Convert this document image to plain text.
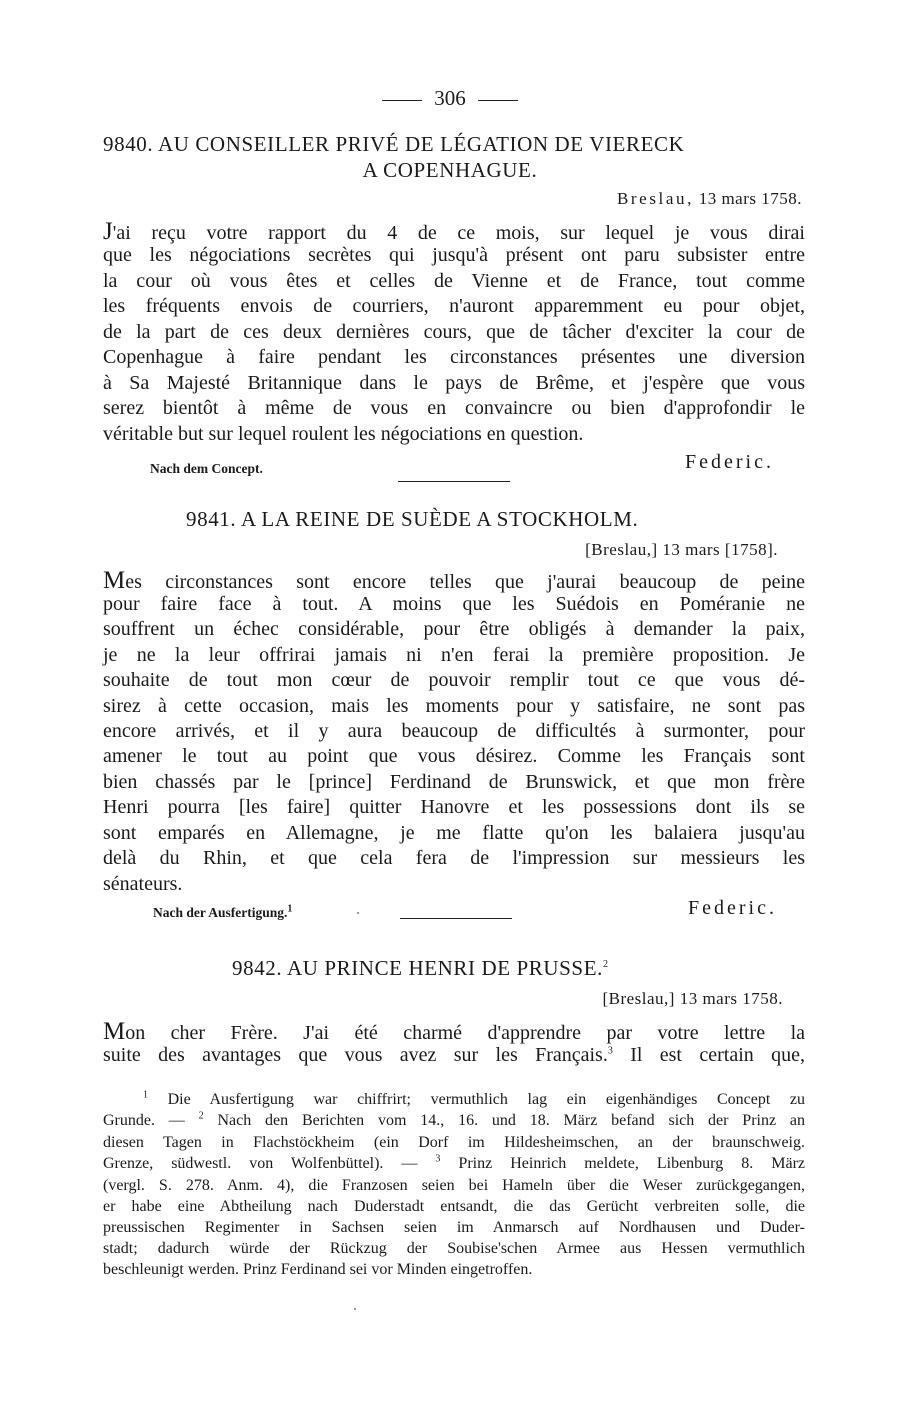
306
9840. AU CONSEILLER PRIVÉ DE LÉGATION DE VIERECK
A COPENHAGUE.
Breslau, 13 mars 1758.
J'ai reçu votre rapport du 4 de ce mois, sur lequel je vous dirai
que les négociations secrètes qui jusqu'à présent ont paru subsister entre
la cour où vous êtes et celles de Vienne et de France, tout comme
les fréquents envois de courriers, n'auront apparemment eu pour objet,
de la part de ces deux dernières cours, que de tâcher d'exciter la cour de
Copenhague à faire pendant les circonstances présentes une diversion
à Sa Majesté Britannique dans le pays de Brême, et j'espère que vous
serez bientôt à même de vous en convaincre ou bien d'approfondir le
véritable but sur lequel roulent les négociations en question.
Nach dem Concept.	Federic.
9841. A LA REINE DE SUÈDE A STOCKHOLM.
[Breslau,] 13 mars [1758].
Mes circonstances sont encore telles que j'aurai beaucoup de peine
pour faire face à tout. A moins que les Suédois en Poméranie ne
souffrent un échec considérable, pour être obligés à demander la paix,
je ne la leur offrirai jamais ni n'en ferai la première proposition. Je
souhaite de tout mon cœur de pouvoir remplir tout ce que vous dé-
sirez à cette occasion, mais les moments pour y satisfaire, ne sont pas
encore arrivés, et il y aura beaucoup de difficultés à surmonter, pour
amener le tout au point que vous désirez. Comme les Français sont
bien chassés par le [prince] Ferdinand de Brunswick, et que mon frère
Henri pourra [les faire] quitter Hanovre et les possessions dont ils se
sont emparés en Allemagne, je me flatte qu'on les balaiera jusqu'au
delà du Rhin, et que cela fera de l'impression sur messieurs les
sénateurs.
Nach der Ausfertigung.$^1$	Federic.
9842. AU PRINCE HENRI DE PRUSSE.$^2$
[Breslau,] 13 mars 1758.
Mon cher Frère. J'ai été charmé d'apprendre par votre lettre la
suite des avantages que vous avez sur les Français.$^3$ Il est certain que,
$^1$ Die Ausfertigung war chiffrirt; vermuthlich lag ein eigenhändiges Concept zu
Grunde. — $^2$ Nach den Berichten vom 14., 16. und 18. März befand sich der Prinz an
diesen Tagen in Flachstöckheim (ein Dorf im Hildesheimschen, an der braunschweig.
Grenze, südwestl. von Wolfenbüttel). — $^3$ Prinz Heinrich meldete, Libenburg 8. März
(vergl. S. 278. Anm. 4), die Franzosen seien bei Hameln über die Weser zurückgegangen,
er habe eine Abtheilung nach Duderstadt entsandt, die das Gerücht verbreiten solle, die
preussischen Regimenter in Sachsen seien im Anmarsch auf Nordhausen und Duder-
stadt; dadurch würde der Rückzug der Soubise'schen Armee aus Hessen vermuthlich
beschleunigt werden. Prinz Ferdinand sei vor Minden eingetroffen.
